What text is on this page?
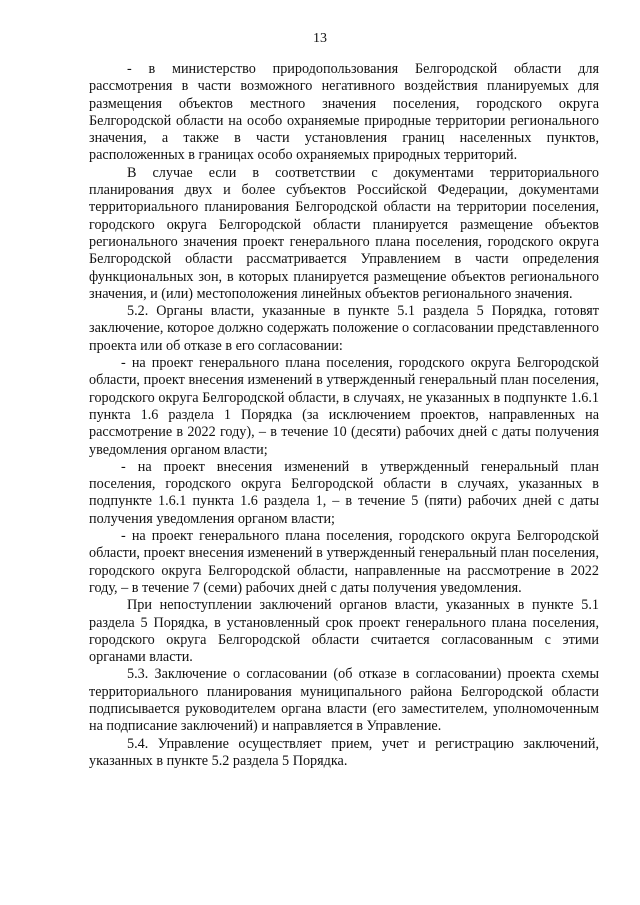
13

- в министерство природопользования Белгородской области для рассмотрения в части возможного негативного воздействия планируемых для размещения объектов местного значения поселения, городского округа Белгородской области на особо охраняемые природные территории регионального значения, а также в части установления границ населенных пунктов, расположенных в границах особо охраняемых природных территорий.

В случае если в соответствии с документами территориального планирования двух и более субъектов Российской Федерации, документами территориального планирования Белгородской области на территории поселения, городского округа Белгородской области планируется размещение объектов регионального значения проект генерального плана поселения, городского округа Белгородской области рассматривается Управлением в части определения функциональных зон, в которых планируется размещение объектов регионального значения, и (или) местоположения линейных объектов регионального значения.

5.2. Органы власти, указанные в пункте 5.1 раздела 5 Порядка, готовят заключение, которое должно содержать положение о согласовании представленного проекта или об отказе в его согласовании:

- на проект генерального плана поселения, городского округа Белгородской области, проект внесения изменений в утвержденный генеральный план поселения, городского округа Белгородской области, в случаях, не указанных в подпункте 1.6.1 пункта 1.6 раздела 1 Порядка (за исключением проектов, направленных на рассмотрение в 2022 году), – в течение 10 (десяти) рабочих дней с даты получения уведомления органом власти;

- на проект внесения изменений в утвержденный генеральный план поселения, городского округа Белгородской области в случаях, указанных в подпункте 1.6.1 пункта 1.6 раздела 1, – в течение 5 (пяти) рабочих дней с даты получения уведомления органом власти;

- на проект генерального плана поселения, городского округа Белгородской области, проект внесения изменений в утвержденный генеральный план поселения, городского округа Белгородской области, направленные на рассмотрение в 2022 году, – в течение 7 (семи) рабочих дней с даты получения уведомления.

При непоступлении заключений органов власти, указанных в пункте 5.1 раздела 5 Порядка, в установленный срок проект генерального плана поселения, городского округа Белгородской области считается согласованным с этими органами власти.

5.3. Заключение о согласовании (об отказе в согласовании) проекта схемы территориального планирования муниципального района Белгородской области подписывается руководителем органа власти (его заместителем, уполномоченным на подписание заключений) и направляется в Управление.

5.4. Управление осуществляет прием, учет и регистрацию заключений, указанных в пункте 5.2 раздела 5 Порядка.
